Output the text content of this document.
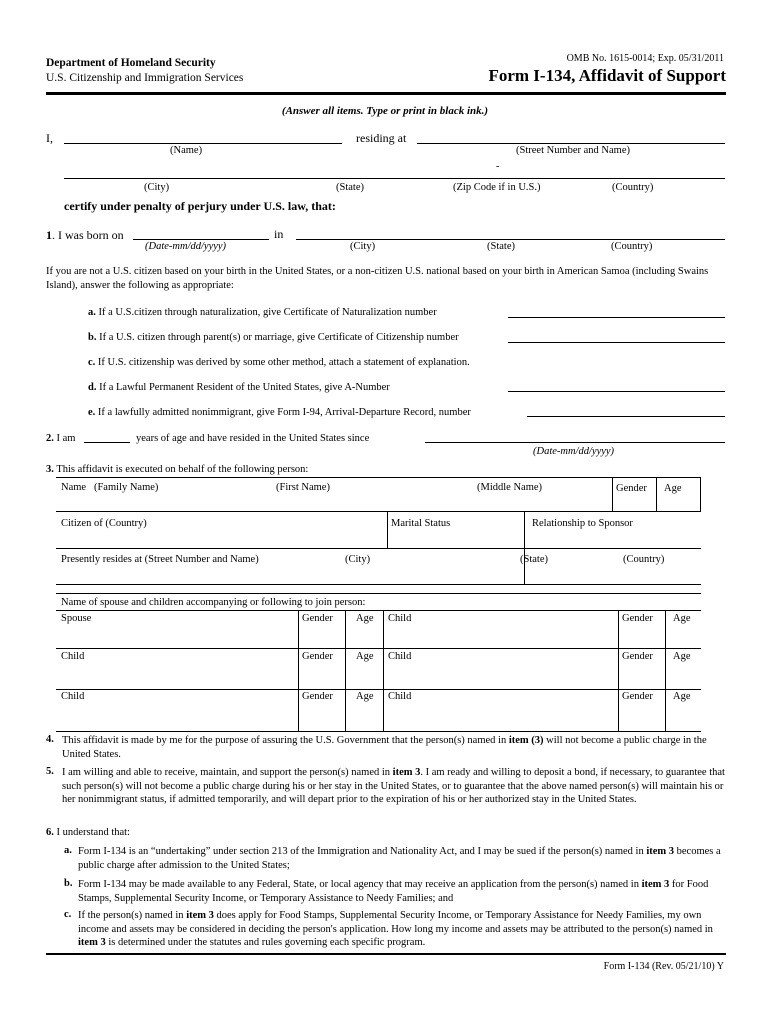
Department of Homeland Security
U.S. Citizenship and Immigration Services
OMB No. 1615-0014; Exp. 05/31/2011
Form I-134, Affidavit of Support
(Answer all items. Type or print in black ink.)
I,	residing at
(Name)	(Street Number and Name)
-
(City)	(State)	(Zip Code if in U.S.)	(Country)
certify under penalty of perjury under U.S. law, that:
1. I was born on	in
(Date-mm/dd/yyyy)	(City)	(State)	(Country)
If you are not a U.S. citizen based on your birth in the United States, or a non-citizen U.S. national based on your birth in American Samoa (including Swains Island), answer the following as appropriate:
a. If a U.S.citizen through naturalization, give Certificate of Naturalization number
b. If a U.S. citizen through parent(s) or marriage, give Certificate of Citizenship number
c. If U.S. citizenship was derived by some other method, attach a statement of explanation.
d. If a Lawful Permanent Resident of the United States, give A-Number
e. If a lawfully admitted nonimmigrant, give Form I-94, Arrival-Departure Record, number
2. I am	years of age and have resided in the United States since
(Date-mm/dd/yyyy)
3. This affidavit is executed on behalf of the following person:
Name (Family Name)	(First Name)	(Middle Name)	Gender Age
Citizen of (Country)	Marital Status	Relationship to Sponsor
Presently resides at (Street Number and Name)	(City)	(State)	(Country)
Name of spouse and children accompanying or following to join person:
Spouse	Gender Age Child	Gender Age
Child	Gender Age Child	Gender Age
Child	Gender Age Child	Gender Age
4. This affidavit is made by me for the purpose of assuring the U.S. Government that the person(s) named in item (3) will not become a public charge in the United States.
5. I am willing and able to receive, maintain, and support the person(s) named in item 3. I am ready and willing to deposit a bond, if necessary, to guarantee that such person(s) will not become a public charge during his or her stay in the United States, or to guarantee that the above named person(s) will maintain his or her nonimmigrant status, if admitted temporarily, and will depart prior to the expiration of his or her authorized stay in the United States.
6. I understand that:
a. Form I-134 is an “undertaking” under section 213 of the Immigration and Nationality Act, and I may be sued if the person(s) named in item 3 becomes a public charge after admission to the United States;
b. Form I-134 may be made available to any Federal, State, or local agency that may receive an application from the person(s) named in item 3 for Food Stamps, Supplemental Security Income, or Temporary Assistance to Needy Families; and
c. If the person(s) named in item 3 does apply for Food Stamps, Supplemental Security Income, or Temporary Assistance for Needy Families, my own income and assets may be considered in deciding the person's application. How long my income and assets may be attributed to the person(s) named in item 3 is determined under the statutes and rules governing each specific program.
Form I-134 (Rev. 05/21/10) Y
